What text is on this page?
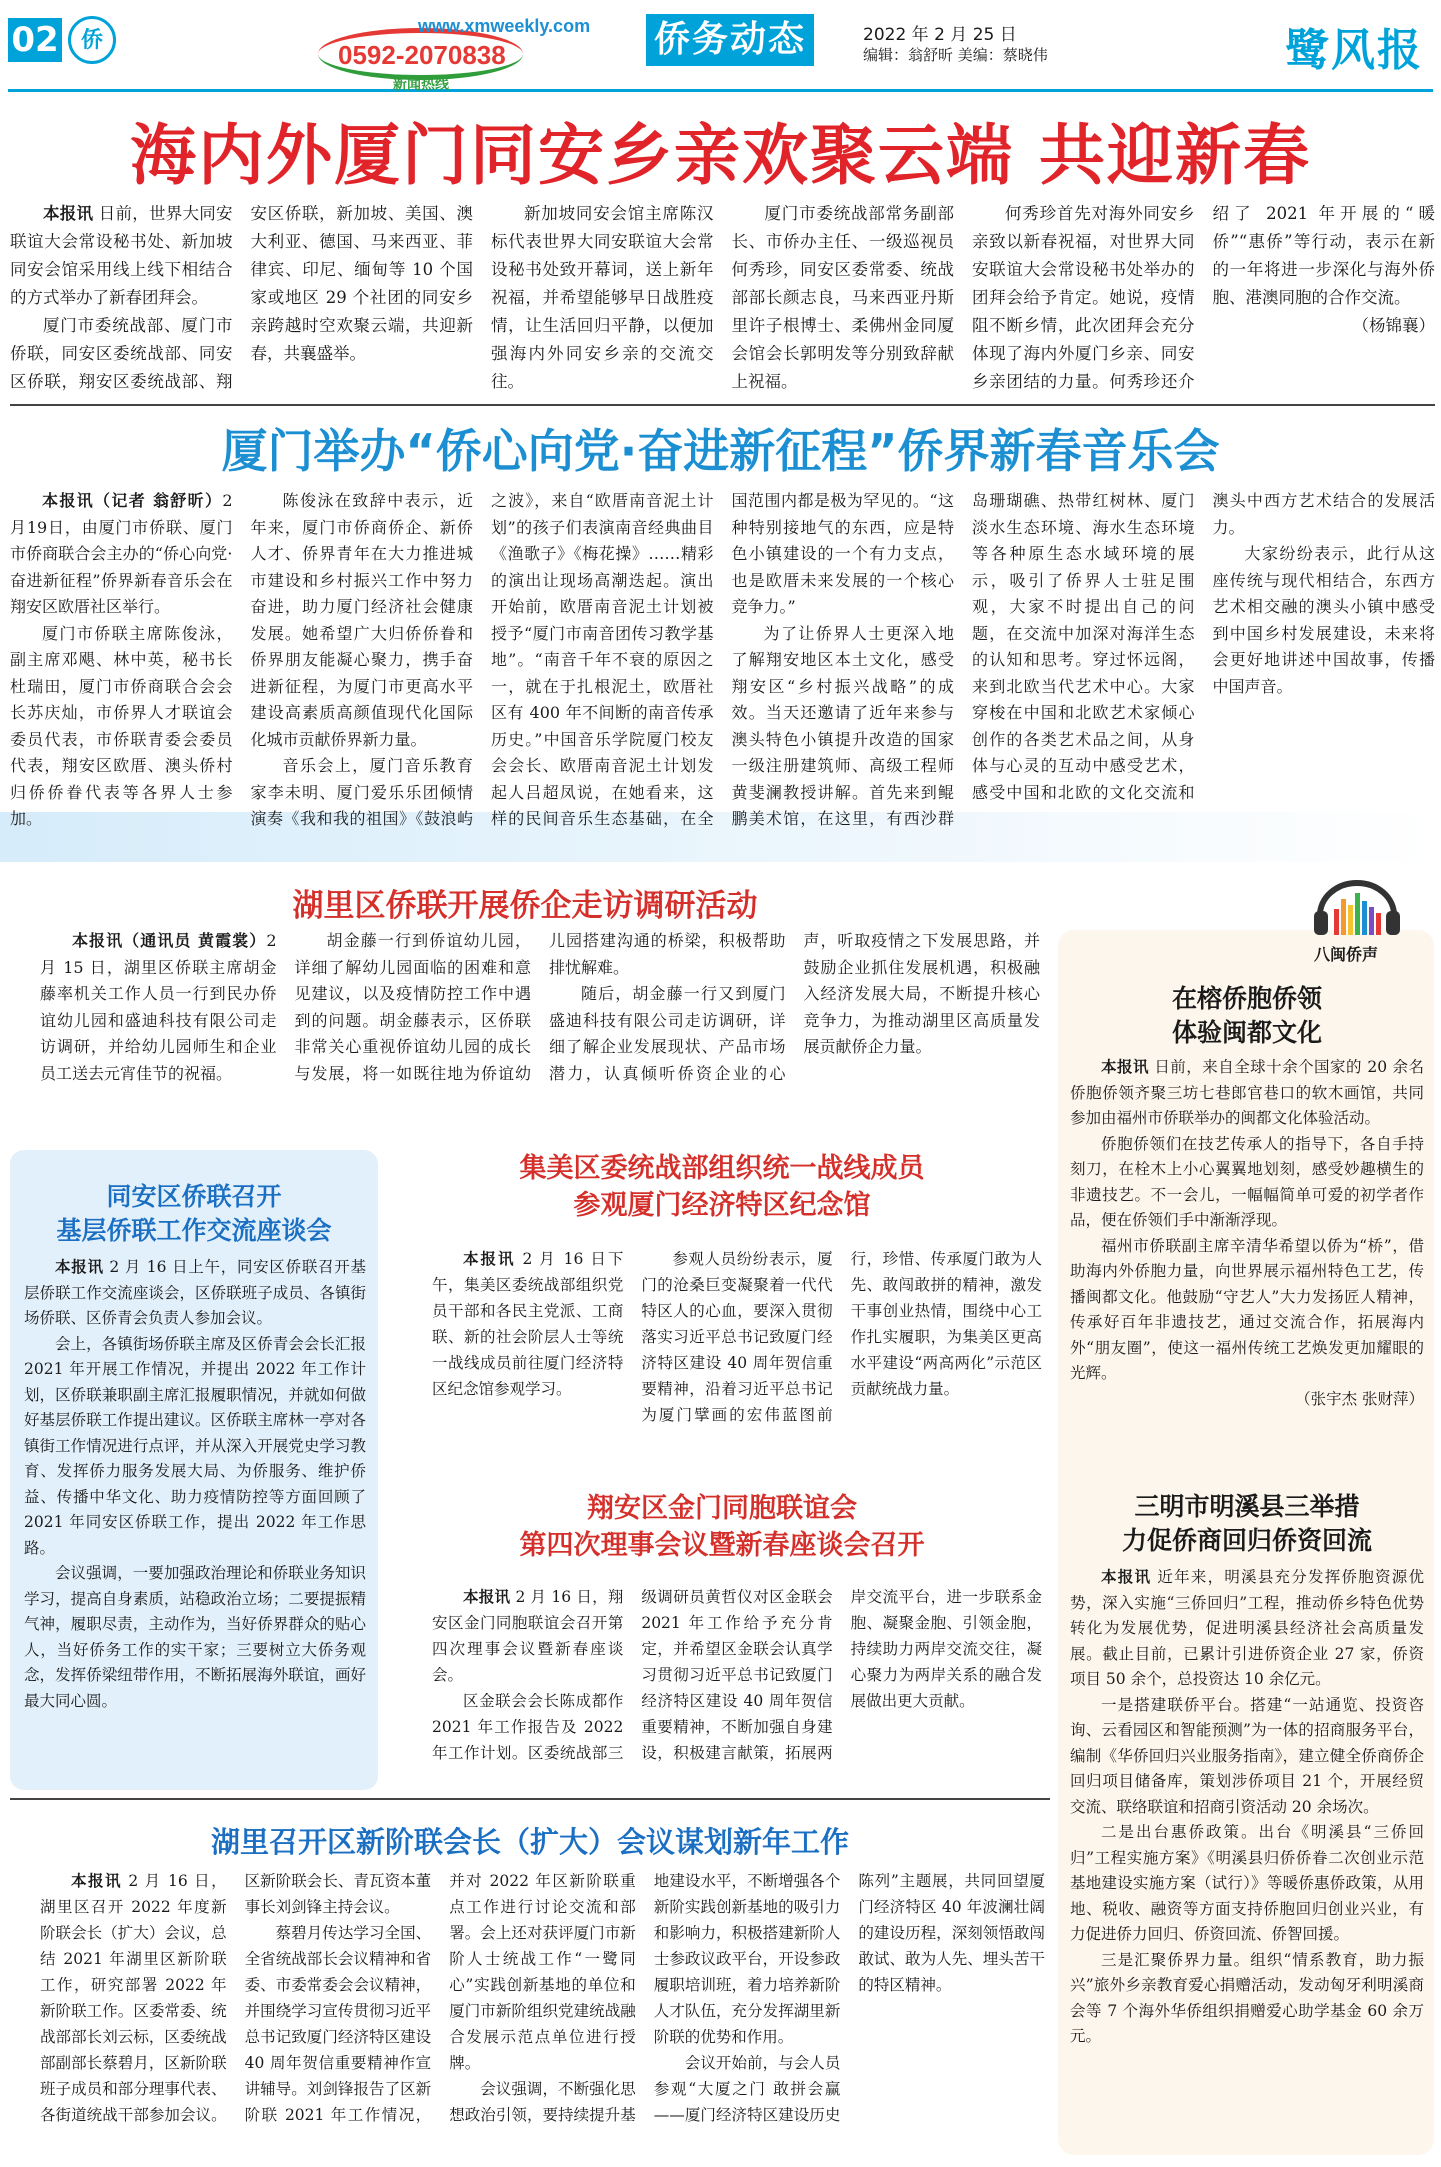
02	侨
www.xmweekly.com
0592-2070838
新闻热线
侨务动态	2022 年 2 月 25 日
编辑：翁舒昕 美编：蔡晓伟	鹭风报
海内外厦门同安乡亲欢聚云端 共迎新春

本报讯 日前，世界大同安联谊大会常设秘书处、新加坡同安会馆采用线上线下相结合的方式举办了新春团拜会。

厦门市委统战部、厦门市侨联，同安区委统战部、同安区侨联，翔安区委统战部、翔安区侨联，新加坡、美国、澳大利亚、德国、马来西亚、菲律宾、印尼、缅甸等 10 个国家或地区 29 个社团的同安乡亲跨越时空欢聚云端，共迎新春，共襄盛举。

新加坡同安会馆主席陈汉标代表世界大同安联谊大会常设秘书处致开幕词，送上新年祝福，并希望能够早日战胜疫情，让生活回归平静，以便加强海内外同安乡亲的交流交往。

厦门市委统战部常务副部长、市侨办主任、一级巡视员何秀珍，同安区委常委、统战部部长颜志良，马来西亚丹斯里许子根博士、柔佛州金同厦会馆会长郭明发等分别致辞献上祝福。

何秀珍首先对海外同安乡亲致以新春祝福，对世界大同安联谊大会常设秘书处举办的团拜会给予肯定。她说，疫情阻不断乡情，此次团拜会充分体现了海内外厦门乡亲、同安乡亲团结的力量。何秀珍还介绍了 2021 年开展的“暖侨”“惠侨”等行动，表示在新的一年将进一步深化与海外侨胞、港澳同胞的合作交流。

（杨锦襄）

厦门举办“侨心向党·奋进新征程”侨界新春音乐会

本报讯（记者 翁舒昕）2月19日，由厦门市侨联、厦门市侨商联合会主办的“侨心向党·奋进新征程”侨界新春音乐会在翔安区欧厝社区举行。

厦门市侨联主席陈俊泳，副主席邓飓、林中英，秘书长杜瑞田，厦门市侨商联合会会长苏庆灿，市侨界人才联谊会委员代表，市侨联青委会委员代表，翔安区欧厝、澳头侨村归侨侨眷代表等各界人士参加。

陈俊泳在致辞中表示，近年来，厦门市侨商侨企、新侨人才、侨界青年在大力推进城市建设和乡村振兴工作中努力奋进，助力厦门经济社会健康发展。她希望广大归侨侨眷和侨界朋友能凝心聚力，携手奋进新征程，为厦门市更高水平建设高素质高颜值现代化国际化城市贡献侨界新力量。

音乐会上，厦门音乐教育家李未明、厦门爱乐乐团倾情演奏《我和我的祖国》《鼓浪屿之波》，来自“欧厝南音泥土计划”的孩子们表演南音经典曲目《渔歌子》《梅花操》……精彩的演出让现场高潮迭起。演出开始前，欧厝南音泥土计划被授予“厦门市南音团传习教学基地”。“南音千年不衰的原因之一，就在于扎根泥土，欧厝社区有 400 年不间断的南音传承历史。”中国音乐学院厦门校友会会长、欧厝南音泥土计划发起人吕超凤说，在她看来，这样的民间音乐生态基础，在全国范围内都是极为罕见的。“这种特别接地气的东西，应是特色小镇建设的一个有力支点，也是欧厝未来发展的一个核心竞争力。”

为了让侨界人士更深入地了解翔安地区本土文化，感受翔安区“乡村振兴战略”的成效。当天还邀请了近年来参与澳头特色小镇提升改造的国家一级注册建筑师、高级工程师黄斐澜教授讲解。首先来到鲲鹏美术馆，在这里，有西沙群岛珊瑚礁、热带红树林、厦门淡水生态环境、海水生态环境等各种原生态水域环境的展示，吸引了侨界人士驻足围观，大家不时提出自己的问题，在交流中加深对海洋生态的认知和思考。穿过怀远阁，来到北欧当代艺术中心。大家穿梭在中国和北欧艺术家倾心创作的各类艺术品之间，从身体与心灵的互动中感受艺术，感受中国和北欧的文化交流和澳头中西方艺术结合的发展活力。

大家纷纷表示，此行从这座传统与现代相结合，东西方艺术相交融的澳头小镇中感受到中国乡村发展建设，未来将会更好地讲述中国故事，传播中国声音。

湖里区侨联开展侨企走访调研活动

本报讯（通讯员 黄霞裳）2 月 15 日，湖里区侨联主席胡金藤率机关工作人员一行到民办侨谊幼儿园和盛迪科技有限公司走访调研，并给幼儿园师生和企业员工送去元宵佳节的祝福。

胡金藤一行到侨谊幼儿园，详细了解幼儿园面临的困难和意见建议，以及疫情防控工作中遇到的问题。胡金藤表示，区侨联非常关心重视侨谊幼儿园的成长与发展，将一如既往地为侨谊幼儿园搭建沟通的桥梁，积极帮助排忧解难。

随后，胡金藤一行又到厦门盛迪科技有限公司走访调研，详细了解企业发展现状、产品市场潜力，认真倾听侨资企业的心声，听取疫情之下发展思路，并鼓励企业抓住发展机遇，积极融入经济发展大局，不断提升核心竞争力，为推动湖里区高质量发展贡献侨企力量。

八闽侨声
在榕侨胞侨领
体验闽都文化

本报讯 日前，来自全球十余个国家的 20 余名侨胞侨领齐聚三坊七巷郎官巷口的软木画馆，共同参加由福州市侨联举办的闽都文化体验活动。

侨胞侨领们在技艺传承人的指导下，各自手持刻刀，在栓木上小心翼翼地划刻，感受妙趣横生的非遗技艺。不一会儿，一幅幅简单可爱的初学者作品，便在侨领们手中渐渐浮现。

福州市侨联副主席辛清华希望以侨为“桥”，借助海内外侨胞力量，向世界展示福州特色工艺，传播闽都文化。他鼓励“守艺人”大力发扬匠人精神，传承好百年非遗技艺，通过交流合作，拓展海内外“朋友圈”，使这一福州传统工艺焕发更加耀眼的光辉。

（张宇杰 张财萍）

三明市明溪县三举措
力促侨商回归侨资回流

本报讯 近年来，明溪县充分发挥侨胞资源优势，深入实施“三侨回归”工程，推动侨乡特色优势转化为发展优势，促进明溪县经济社会高质量发展。截止目前，已累计引进侨资企业 27 家，侨资项目 50 余个，总投资达 10 余亿元。

一是搭建联侨平台。搭建“一站通览、投资咨询、云看园区和智能预测”为一体的招商服务平台，编制《华侨回归兴业服务指南》，建立健全侨商侨企回归项目储备库，策划涉侨项目 21 个，开展经贸交流、联络联谊和招商引资活动 20 余场次。

二是出台惠侨政策。出台《明溪县“三侨回归”工程实施方案》《明溪县归侨侨眷二次创业示范基地建设实施方案（试行）》等暖侨惠侨政策，从用地、税收、融资等方面支持侨胞回归创业兴业，有力促进侨力回归、侨资回流、侨智回援。

三是汇聚侨界力量。组织“情系教育，助力振兴”旅外乡亲教育爱心捐赠活动，发动匈牙利明溪商会等 7 个海外华侨组织捐赠爱心助学基金 60 余万元。

同安区侨联召开
基层侨联工作交流座谈会

本报讯 2 月 16 日上午，同安区侨联召开基层侨联工作交流座谈会，区侨联班子成员、各镇街场侨联、区侨青会负责人参加会议。

会上，各镇街场侨联主席及区侨青会会长汇报 2021 年开展工作情况，并提出 2022 年工作计划，区侨联兼职副主席汇报履职情况，并就如何做好基层侨联工作提出建议。区侨联主席林一亭对各镇街工作情况进行点评，并从深入开展党史学习教育、发挥侨力服务发展大局、为侨服务、维护侨益、传播中华文化、助力疫情防控等方面回顾了 2021 年同安区侨联工作，提出 2022 年工作思路。

会议强调，一要加强政治理论和侨联业务知识学习，提高自身素质，站稳政治立场；二要提振精气神，履职尽责，主动作为，当好侨界群众的贴心人，当好侨务工作的实干家；三要树立大侨务观念，发挥侨梁纽带作用，不断拓展海外联谊，画好最大同心圆。

集美区委统战部组织统一战线成员
参观厦门经济特区纪念馆

本报讯 2 月 16 日下午，集美区委统战部组织党员干部和各民主党派、工商联、新的社会阶层人士等统一战线成员前往厦门经济特区纪念馆参观学习。

参观人员纷纷表示，厦门的沧桑巨变凝聚着一代代特区人的心血，要深入贯彻落实习近平总书记致厦门经济特区建设 40 周年贺信重要精神，沿着习近平总书记为厦门擘画的宏伟蓝图前行，珍惜、传承厦门敢为人先、敢闯敢拼的精神，激发干事创业热情，围绕中心工作扎实履职，为集美区更高水平建设“两高两化”示范区贡献统战力量。

翔安区金门同胞联谊会
第四次理事会议暨新春座谈会召开

本报讯 2 月 16 日，翔安区金门同胞联谊会召开第四次理事会议暨新春座谈会。

区金联会会长陈成都作 2021 年工作报告及 2022 年工作计划。区委统战部三级调研员黄哲仪对区金联会 2021 年工作给予充分肯定，并希望区金联会认真学习贯彻习近平总书记致厦门经济特区建设 40 周年贺信重要精神，不断加强自身建设，积极建言献策，拓展两岸交流平台，进一步联系金胞、凝聚金胞、引领金胞，持续助力两岸交流交往，凝心聚力为两岸关系的融合发展做出更大贡献。

湖里召开区新阶联会长（扩大）会议谋划新年工作

本报讯 2 月 16 日，湖里区召开 2022 年度新阶联会长（扩大）会议，总结 2021 年湖里区新阶联工作，研究部署 2022 年新阶联工作。区委常委、统战部部长刘云标，区委统战部副部长蔡碧月，区新阶联班子成员和部分理事代表、各街道统战干部参加会议。区新阶联会长、青瓦资本董事长刘剑锋主持会议。

蔡碧月传达学习全国、全省统战部长会议精神和省委、市委常委会会议精神，并围绕学习宣传贯彻习近平总书记致厦门经济特区建设 40 周年贺信重要精神作宣讲辅导。刘剑锋报告了区新阶联 2021 年工作情况，并对 2022 年区新阶联重点工作进行讨论交流和部署。会上还对获评厦门市新阶人士统战工作“一鹭同心”实践创新基地的单位和厦门市新阶组织党建统战融合发展示范点单位进行授牌。

会议强调，不断强化思想政治引领，要持续提升基地建设水平，不断增强各个新阶实践创新基地的吸引力和影响力，积极搭建新阶人士参政议政平台，开设参政履职培训班，着力培养新阶人才队伍，充分发挥湖里新阶联的优势和作用。

会议开始前，与会人员参观“大厦之门 敢拼会赢——厦门经济特区建设历史陈列”主题展，共同回望厦门经济特区 40 年波澜壮阔的建设历程，深刻领悟敢闯敢试、敢为人先、埋头苦干的特区精神。
